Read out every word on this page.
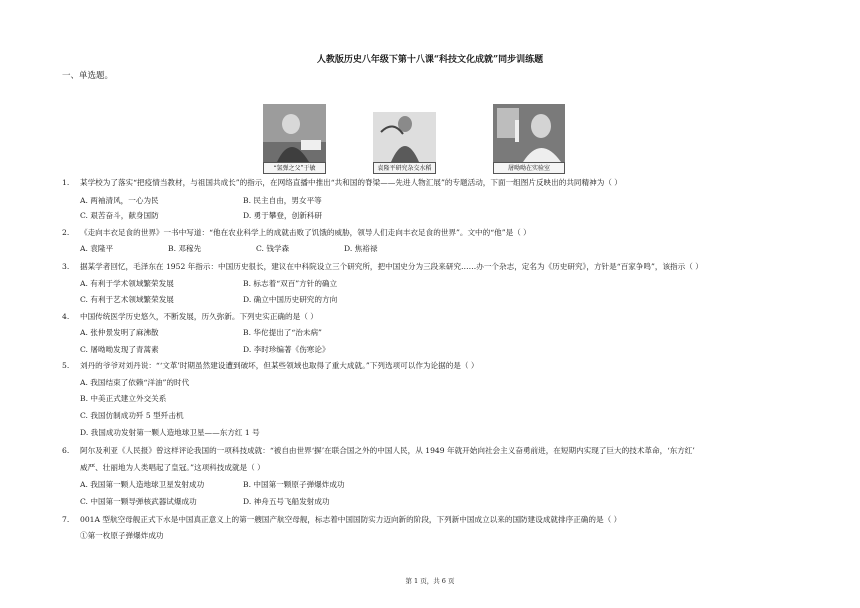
人教版历史八年级下第十八课“科技文化成就”同步训练题
一、单选题。
“氢弹之父”于敏	袁隆平研究杂交水稻	屠呦呦在实验室
1. 某学校为了落实“把疫情当教材，与祖国共成长”的指示，在网络直播中推出“共和国的脊梁——先进人物汇展”的专题活动，下面一组图片反映出的共同精神为（ ）
A. 两袖清风，一心为民	B. 民主自由，男女平等
C. 艰苦奋斗，献身国防	D. 勇于攀登，创新科研
2. 《走向丰衣足食的世界》一书中写道：“他在农业科学上的成就击败了饥饿的威胁，领导人们走向丰衣足食的世界”。文中的“他”是（ ）
A. 袁隆平	B. 邓稼先	C. 钱学森	D. 焦裕禄
3. 据某学者回忆，毛泽东在 1952 年指示：中国历史很长，建议在中科院设立三个研究所，把中国史分为三段来研究……办一个杂志，定名为《历史研究》，方针是“百家争鸣”，该指示（ ）
A. 有利于学术领域繁荣发展	B. 标志着“双百”方针的确立
C. 有利于艺术领域繁荣发展	D. 确立中国历史研究的方向
4. 中国传统医学历史悠久，不断发展，历久弥新。下列史实正确的是（ ）
A. 张仲景发明了麻沸散	B. 华佗提出了“治未病”
C. 屠呦呦发现了青蒿素	D. 李时珍编著《伤寒论》
5. 刘丹的爷爷对刘丹说：“‘文革’时期虽然建设遭到破坏，但某些领域也取得了重大成就。”下列选项可以作为论据的是（ ）
A. 我国结束了依赖“洋油”的时代
B. 中美正式建立外交关系
C. 我国仿制成功歼 5 型歼击机
D. 我国成功发射第一颗人造地球卫星——东方红 1 号
6. 阿尔及利亚《人民报》曾这样评论我国的一项科技成就：“被自由世界‘摒’在联合国之外的中国人民，从 1949 年就开始向社会主义奋勇前进，在短期内实现了巨大的技术革命，‘东方红’
威严、壮丽地为人类唱起了皇冠。”这项科技成就是（ ）
A. 我国第一颗人造地球卫星发射成功	B. 中国第一颗原子弹爆炸成功
C. 中国第一颗导弹核武器试爆成功	D. 神舟五号飞船发射成功
7. 001A 型航空母舰正式下水是中国真正意义上的第一艘国产航空母舰，标志着中国国防实力迈向新的阶段，下列新中国成立以来的国防建设成就排序正确的是（ ）
①第一枚原子弹爆炸成功
第 1 页，共 6 页
